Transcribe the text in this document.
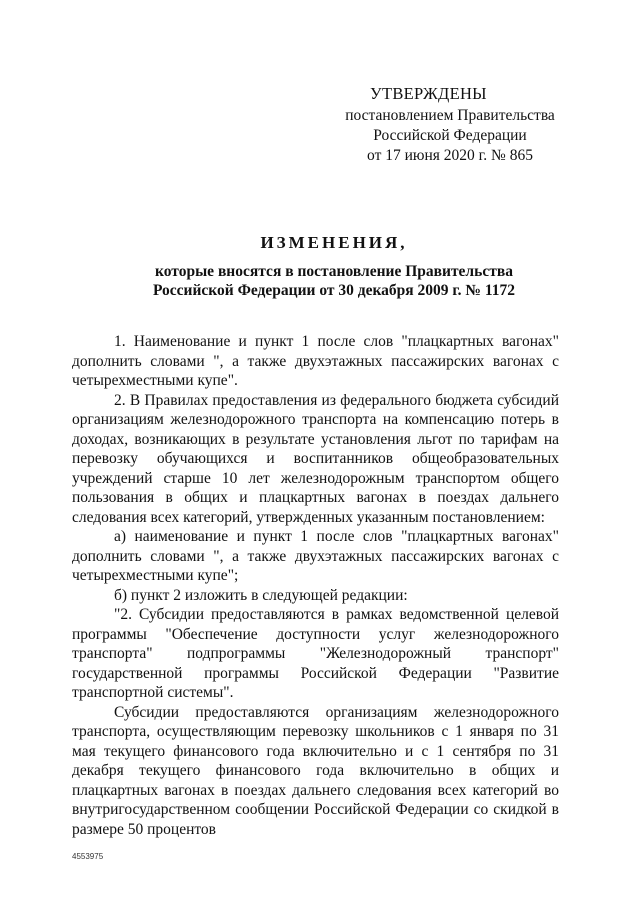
УТВЕРЖДЕНЫ
постановлением Правительства
Российской Федерации
от 17 июня 2020 г. № 865
ИЗМЕНЕНИЯ,
которые вносятся в постановление Правительства
Российской Федерации от 30 декабря 2009 г. № 1172

1. Наименование и пункт 1 после слов "плацкартных вагонах" дополнить словами ", а также двухэтажных пассажирских вагонах с четырехместными купе".

2. В Правилах предоставления из федерального бюджета субсидий организациям железнодорожного транспорта на компенсацию потерь в доходах, возникающих в результате установления льгот по тарифам на перевозку обучающихся и воспитанников общеобразовательных учреждений старше 10 лет железнодорожным транспортом общего пользования в общих и плацкартных вагонах в поездах дальнего следования всех категорий, утвержденных указанным постановлением:

а) наименование и пункт 1 после слов "плацкартных вагонах" дополнить словами ", а также двухэтажных пассажирских вагонах с четырехместными купе";

б) пункт 2 изложить в следующей редакции:

"2. Субсидии предоставляются в рамках ведомственной целевой программы "Обеспечение доступности услуг железнодорожного транспорта" подпрограммы "Железнодорожный транспорт" государственной программы Российской Федерации "Развитие транспортной системы".

Субсидии предоставляются организациям железнодорожного транспорта, осуществляющим перевозку школьников с 1 января по 31 мая текущего финансового года включительно и с 1 сентября по 31 декабря текущего финансового года включительно в общих и плацкартных вагонах в поездах дальнего следования всех категорий во внутригосударственном сообщении Российской Федерации со скидкой в размере 50 процентов

4553975
